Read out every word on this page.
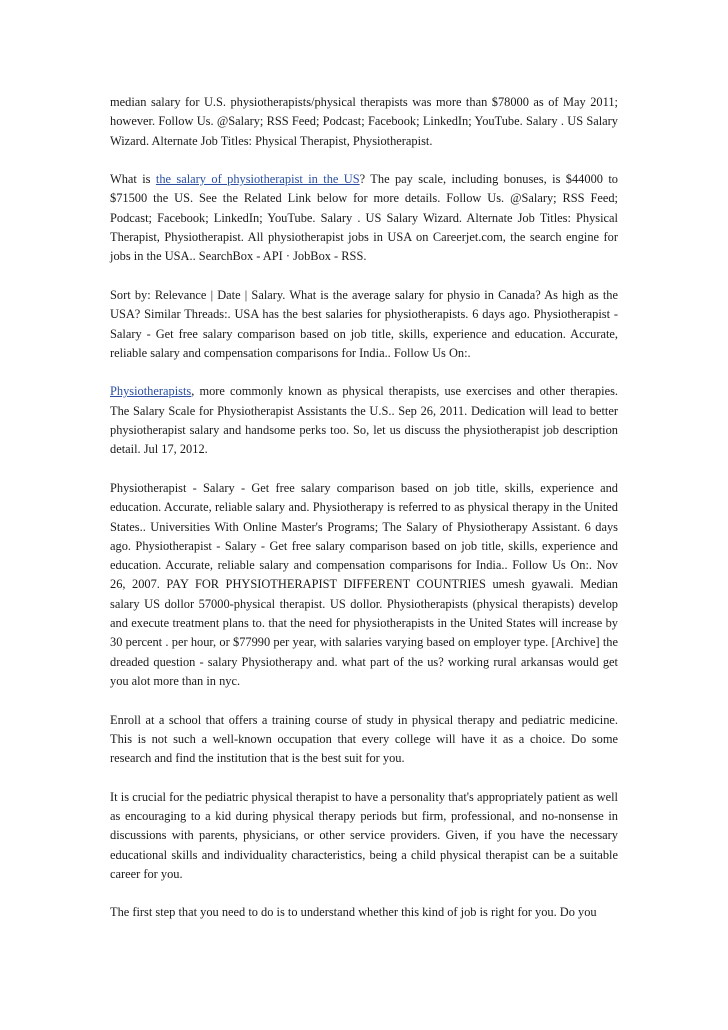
median salary for U.S. physiotherapists/physical therapists was more than $78000 as of May 2011; however. Follow Us. @Salary; RSS Feed; Podcast; Facebook; LinkedIn; YouTube. Salary . US Salary Wizard. Alternate Job Titles: Physical Therapist, Physiotherapist.

What is the salary of physiotherapist in the US? The pay scale, including bonuses, is $44000 to $71500 the US. See the Related Link below for more details. Follow Us. @Salary; RSS Feed; Podcast; Facebook; LinkedIn; YouTube. Salary . US Salary Wizard. Alternate Job Titles: Physical Therapist, Physiotherapist. All physiotherapist jobs in USA on Careerjet.com, the search engine for jobs in the USA.. SearchBox - API · JobBox - RSS.

Sort by: Relevance | Date | Salary. What is the average salary for physio in Canada? As high as the USA? Similar Threads:. USA has the best salaries for physiotherapists. 6 days ago. Physiotherapist - Salary - Get free salary comparison based on job title, skills, experience and education. Accurate, reliable salary and compensation comparisons for India.. Follow Us On:.

Physiotherapists, more commonly known as physical therapists, use exercises and other therapies. The Salary Scale for Physiotherapist Assistants the U.S.. Sep 26, 2011. Dedication will lead to better physiotherapist salary and handsome perks too. So, let us discuss the physiotherapist job description detail. Jul 17, 2012.

Physiotherapist - Salary - Get free salary comparison based on job title, skills, experience and education. Accurate, reliable salary and. Physiotherapy is referred to as physical therapy in the United States.. Universities With Online Master's Programs; The Salary of Physiotherapy Assistant. 6 days ago. Physiotherapist - Salary - Get free salary comparison based on job title, skills, experience and education. Accurate, reliable salary and compensation comparisons for India.. Follow Us On:. Nov 26, 2007. PAY FOR PHYSIOTHERAPIST DIFFERENT COUNTRIES umesh gyawali. Median salary US dollor 57000-physical therapist. US dollor. Physiotherapists (physical therapists) develop and execute treatment plans to. that the need for physiotherapists in the United States will increase by 30 percent . per hour, or $77990 per year, with salaries varying based on employer type. [Archive] the dreaded question - salary Physiotherapy and. what part of the us? working rural arkansas would get you alot more than in nyc.

Enroll at a school that offers a training course of study in physical therapy and pediatric medicine. This is not such a well-known occupation that every college will have it as a choice. Do some research and find the institution that is the best suit for you.

It is crucial for the pediatric physical therapist to have a personality that's appropriately patient as well as encouraging to a kid during physical therapy periods but firm, professional, and no-nonsense in discussions with parents, physicians, or other service providers. Given, if you have the necessary educational skills and individuality characteristics, being a child physical therapist can be a suitable career for you.

The first step that you need to do is to understand whether this kind of job is right for you. Do you
